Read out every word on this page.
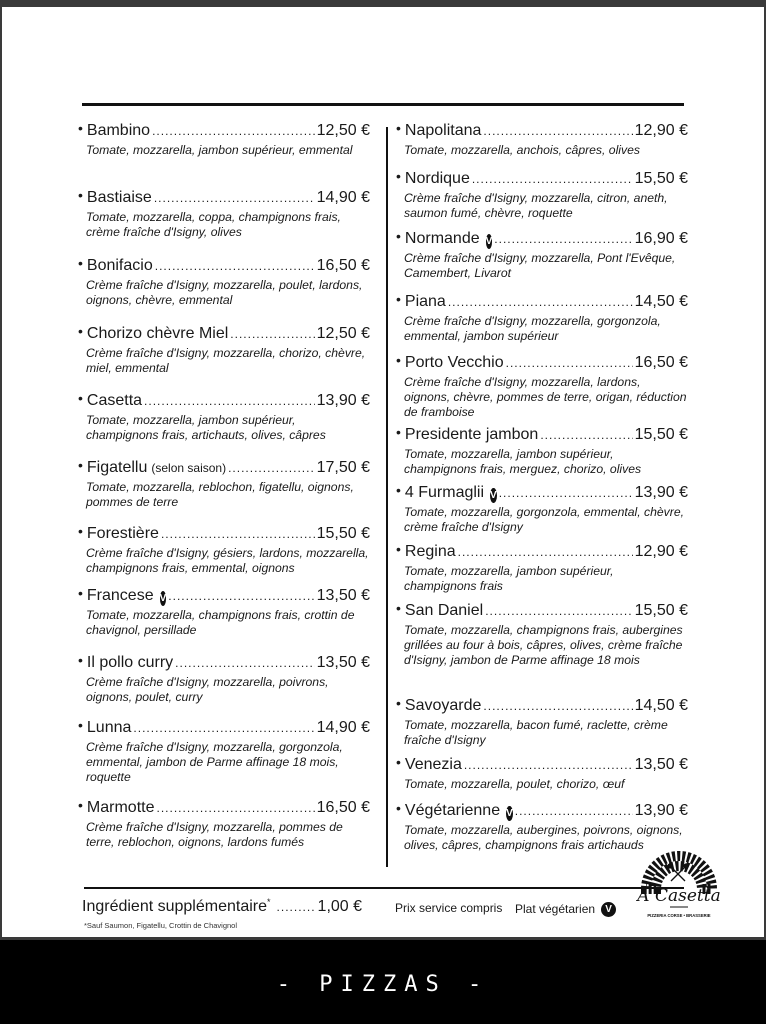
• Bambino .....	12,50 €
Tomate, mozzarella, jambon supérieur, emmental
• Bastiaise .....	14,90 €
Tomate, mozzarella, coppa, champignons frais, crème fraîche d'Isigny, olives
• Bonifacio .....	16,50 €
Crème fraîche d'Isigny, mozzarella, poulet, lardons, oignons, chèvre, emmental
• Chorizo chèvre Miel .....	12,50 €
Crème fraîche d'Isigny, mozzarella, chorizo, chèvre, miel, emmental
• Casetta .....	13,90 €
Tomate, mozzarella, jambon supérieur, champignons frais, artichauts, olives, câpres
• Figatellu (selon saison) .....	17,50 €
Tomate, mozzarella, reblochon, figatellu, oignons, pommes de terre
• Forestière .....	15,50 €
Crème fraîche d'Isigny, gésiers, lardons, mozzarella, champignons frais, emmental, oignons
• Francese V .....	13,50 €
Tomate, mozzarella, champignons frais, crottin de chavignol, persillade
• Il pollo curry .....	13,50 €
Crème fraîche d'Isigny, mozzarella, poivrons, oignons, poulet, curry
• Lunna .....	14,90 €
Crème fraîche d'Isigny, mozzarella, gorgonzola, emmental, jambon de Parme affinage 18 mois, roquette
• Marmotte .....	16,50 €
Crème fraîche d'Isigny, mozzarella, pommes de terre, reblochon, oignons, lardons fumés
• Napolitana .....	12,90 €
Tomate, mozzarella, anchois, câpres, olives
• Nordique .....	15,50 €
Crème fraîche d'Isigny, mozzarella, citron, aneth, saumon fumé, chèvre, roquette
• Normande V .....	16,90 €
Crème fraîche d'Isigny, mozzarella, Pont l'Evêque, Camembert, Livarot
• Piana .....	14,50 €
Crème fraîche d'Isigny, mozzarella, gorgonzola, emmental, jambon supérieur
• Porto Vecchio .....	16,50 €
Crème fraîche d'Isigny, mozzarella, lardons, oignons, chèvre, pommes de terre, origan, réduction de framboise
• Presidente jambon .....	15,50 €
Tomate, mozzarella, jambon supérieur, champignons frais, merguez, chorizo, olives
• 4 Furmaglii V .....	13,90 €
Tomate, mozzarella, gorgonzola, emmental, chèvre, crème fraîche d'Isigny
• Regina .....	12,90 €
Tomate, mozzarella, jambon supérieur, champignons frais
• San Daniel .....	15,50 €
Tomate, mozzarella, champignons frais, aubergines grillées au four à bois, câpres, olives, crème fraîche d'Isigny, jambon de Parme affinage 18 mois
• Savoyarde .....	14,50 €
Tomate, mozzarella, bacon fumé, raclette, crème fraîche d'Isigny
• Venezia .....	13,50 €
Tomate, mozzarella, poulet, chorizo, œuf
• Végétarienne V .....	13,90 €
Tomate, mozzarella, aubergines, poivrons, oignons, olives, câpres, champignons frais artichauds
Ingrédient supplémentaire * ......... 1,00 €
*Sauf Saumon, Figatellu, Crottin de Chavignol
Prix service compris Plat végétarien	V
A Casetta
PIZZERIA CORSE • BRASSERIE
- PIZZAS -
